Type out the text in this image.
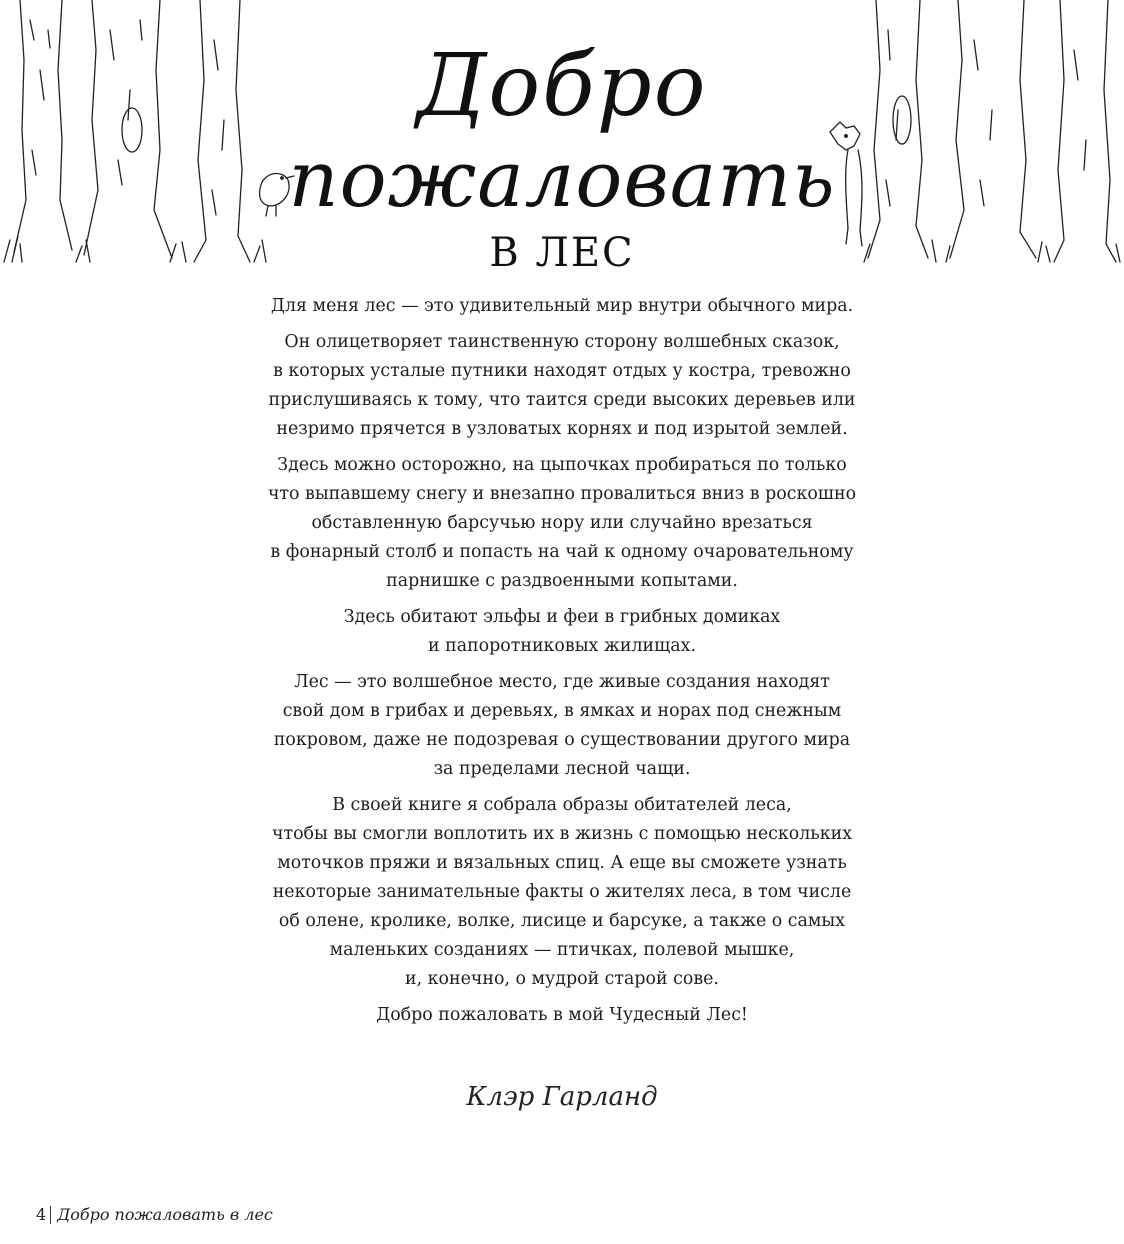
Добро
пожаловать
В ЛЕС

Для меня лес — это удивительный мир внутри обычного мира.

Он олицетворяет таинственную сторону волшебных сказок,
в которых усталые путники находят отдых у костра, тревожно
прислушиваясь к тому, что таится среди высоких деревьев или
незримо прячется в узловатых корнях и под изрытой землей.

Здесь можно осторожно, на цыпочках пробираться по только
что выпавшему снегу и внезапно провалиться вниз в роскошно
обставленную барсучью нору или случайно врезаться
в фонарный столб и попасть на чай к одному очаровательному
парнишке с раздвоенными копытами.

Здесь обитают эльфы и феи в грибных домиках
и папоротниковых жилищах.

Лес — это волшебное место, где живые создания находят
свой дом в грибах и деревьях, в ямках и норах под снежным
покровом, даже не подозревая о существовании другого мира
за пределами лесной чащи.

В своей книге я собрала образы обитателей леса,
чтобы вы смогли воплотить их в жизнь с помощью нескольких
моточков пряжи и вязальных спиц. А еще вы сможете узнать
некоторые занимательные факты о жителях леса, в том числе
об олене, кролике, волке, лисице и барсуке, а также о самых
маленьких созданиях — птичках, полевой мышке,
и, конечно, о мудрой старой сове.

Добро пожаловать в мой Чудесный Лес!

Клэр Гарланд
4 Добро пожаловать в лес
